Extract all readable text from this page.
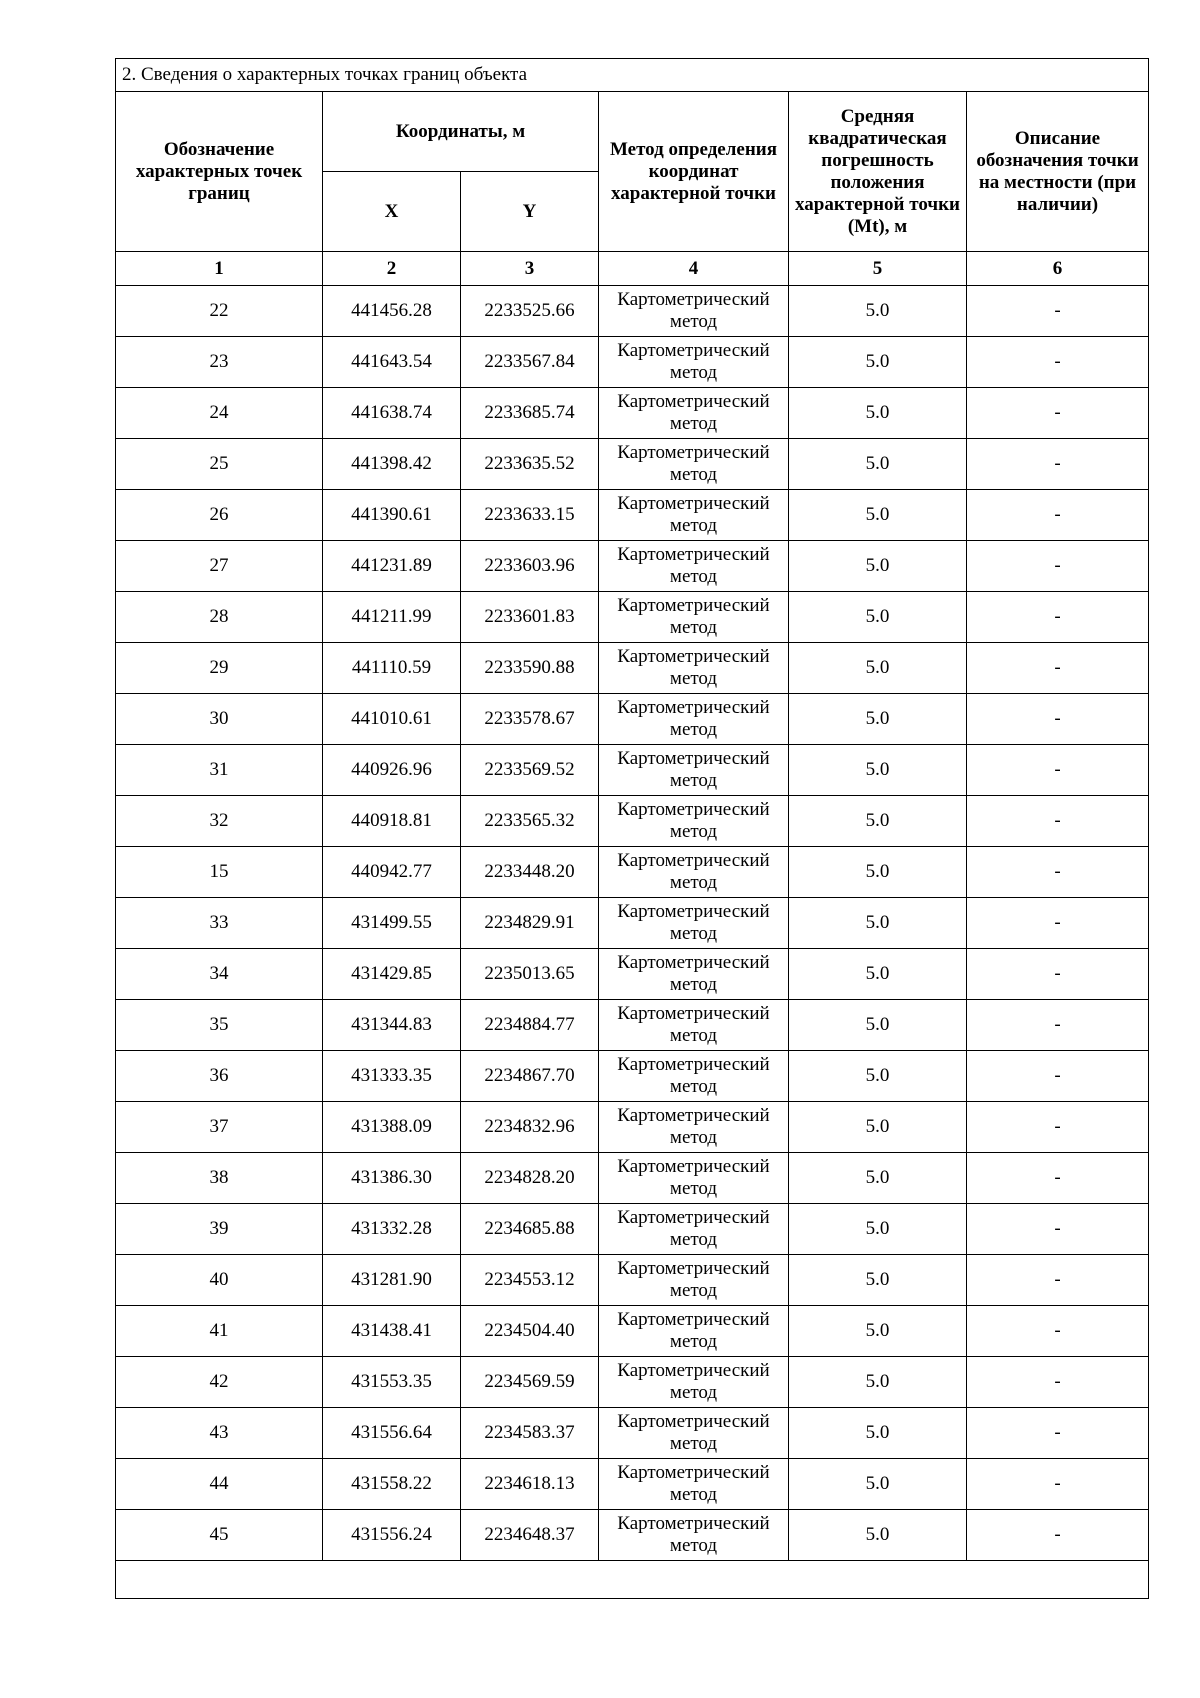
2. Сведения о характерных точках границ объекта					
Обозначение характерных точек границ	Координаты, м		Метод определения координат характерной точки	Средняя квадратическая погрешность положения характерной точки (Mt), м	Описание обозначения точки на местности (при наличии)
	X	Y			
1	2	3	4	5	6
22	441456.28	2233525.66	Картометрический метод	5.0	-
23	441643.54	2233567.84	Картометрический метод	5.0	-
24	441638.74	2233685.74	Картометрический метод	5.0	-
25	441398.42	2233635.52	Картометрический метод	5.0	-
26	441390.61	2233633.15	Картометрический метод	5.0	-
27	441231.89	2233603.96	Картометрический метод	5.0	-
28	441211.99	2233601.83	Картометрический метод	5.0	-
29	441110.59	2233590.88	Картометрический метод	5.0	-
30	441010.61	2233578.67	Картометрический метод	5.0	-
31	440926.96	2233569.52	Картометрический метод	5.0	-
32	440918.81	2233565.32	Картометрический метод	5.0	-
15	440942.77	2233448.20	Картометрический метод	5.0	-
33	431499.55	2234829.91	Картометрический метод	5.0	-
34	431429.85	2235013.65	Картометрический метод	5.0	-
35	431344.83	2234884.77	Картометрический метод	5.0	-
36	431333.35	2234867.70	Картометрический метод	5.0	-
37	431388.09	2234832.96	Картометрический метод	5.0	-
38	431386.30	2234828.20	Картометрический метод	5.0	-
39	431332.28	2234685.88	Картометрический метод	5.0	-
40	431281.90	2234553.12	Картометрический метод	5.0	-
41	431438.41	2234504.40	Картометрический метод	5.0	-
42	431553.35	2234569.59	Картометрический метод	5.0	-
43	431556.64	2234583.37	Картометрический метод	5.0	-
44	431558.22	2234618.13	Картометрический метод	5.0	-
45	431556.24	2234648.37	Картометрический метод	5.0	-
